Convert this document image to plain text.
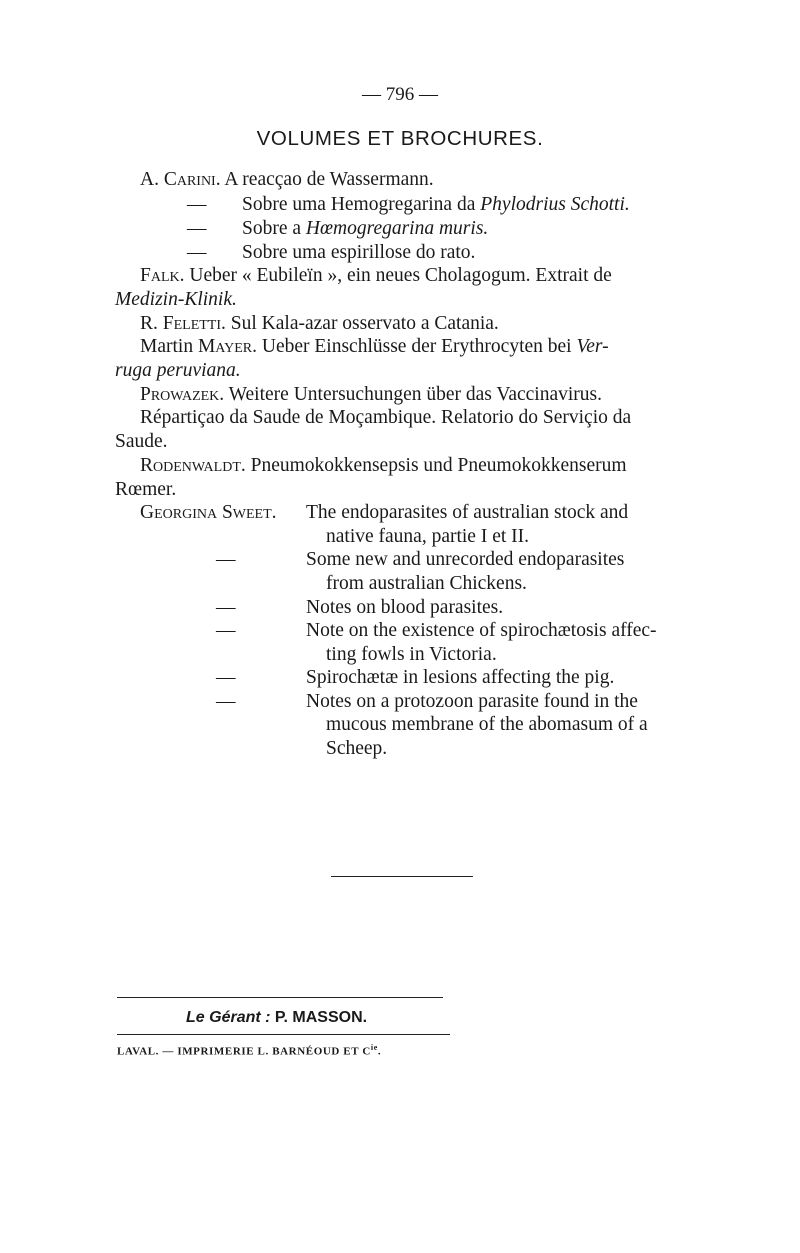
— 796 —
VOLUMES ET BROCHURES.
A. Carini. A reacçao de Wassermann.
— Sobre uma Hemogregarina da Phylodrius Schotti.
— Sobre a Hœmogregarina muris.
— Sobre uma espirillose do rato.
Falk. Ueber « Eubileïn », ein neues Cholagogum. Extrait de
Medizin-Klinik.
R. Feletti. Sul Kala-azar osservato a Catania.
Martin Mayer. Ueber Einschlüsse der Erythrocyten bei Ver-
ruga peruviana.
Prowazek. Weitere Untersuchungen über das Vaccinavirus.
Répartiçao da Saude de Moçambique. Relatorio do Serviçio da
Saude.
Rodenwaldt. Pneumokokkensepsis und Pneumokokkenserum
Rœmer.
Georgina Sweet. The endoparasites of australian stock and
native fauna, partie I et II.
—	Some new and unrecorded endoparasites
from australian Chickens.
—	Notes on blood parasites.
—	Note on the existence of spirochætosis affec-
ting fowls in Victoria.
—	Spirochætæ in lesions affecting the pig.
—	Notes on a protozoon parasite found in the
mucous membrane of the abomasum of a
Scheep.
Le Gérant : P. MASSON.
LAVAL. — IMPRIMERIE L. BARNÉOUD ET $C^{ie}$.
